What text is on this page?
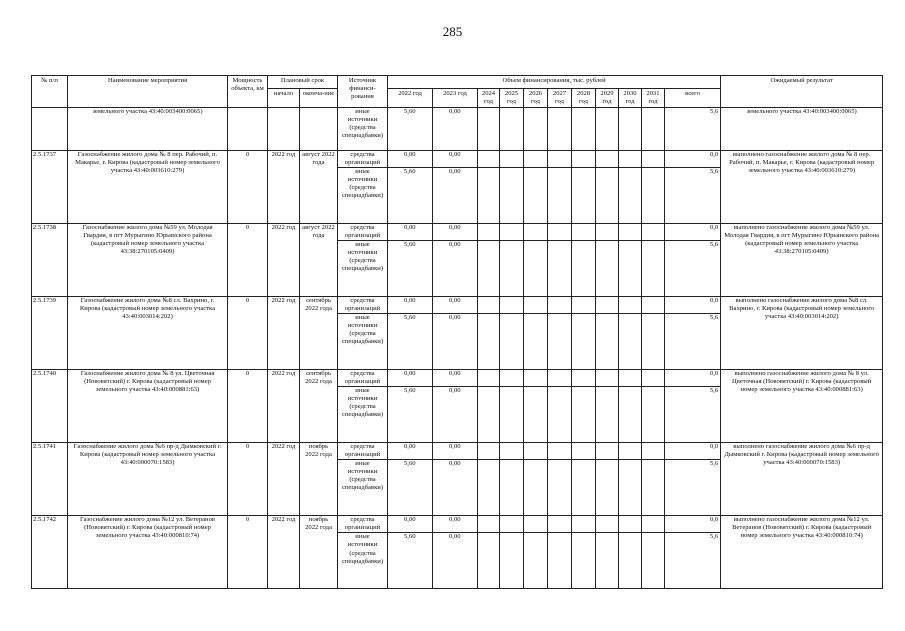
285
№ п/п	Наименование мероприятия	Мощность объекта, км	Плановый срок		Источник финанси-рования	Объем финансирования, тыс. рублей											Ожидаемый результат
			начало	оконча-ние		2022 год	2023 год	2024 год	2025 год	2026 год	2027 год	2028 год	2029 год	2030 год	2031 год	всего	
	земельного участка 43:40:003400:0065)				иные источники (средства спецнадбавки)	5,60	0,00									5,6	земельного участка 43:40:003400:0065)
2.5.1737	Газоснабжение жилого дома № 8 пер. Рабочий, п. Макарье, г. Кирова (кадастровый номер земельного участка 43:40:003610:279)	0	2022 год	август 2022 года	средства организаций	0,00	0,00									0,0	выполнено газоснабжение жилого дома № 8 пер. Рабочий, п. Макарье, г. Кирова (кадастровый номер земельного участка 43:40:003610:279)
					иные источники (средства спецнадбавки)	5,60	0,00									5,6	
2.5.1738	Газоснабжение жилого дома №59 ул. Молодая Гвардия, в пгт Мурыгино Юрьянского района (кадастровый номер земельного участка 43:38:270105:0409)	0	2022 год	август 2022 года	средства организаций	0,00	0,00									0,0	выполнено газоснабжение жилого дома №59 ул. Молодая Гвардия, в пгт Мурыгино Юрьянского района (кадастровый номер земельного участка 43:38:270105:0409)
					иные источники (средства спецнадбавки)	5,60	0,00									5,6	
2.5.1739	Газоснабжение жилого дома №8 сл. Вахрино, г. Кирова (кадастровый номер земельного участка 43:40:003014:202)	0	2022 год	сентябрь 2022 года	средства организаций	0,00	0,00									0,0	выполнено газоснабжение жилого дома №8 сл. Вахрино, г. Кирова (кадастровый номер земельного участка 43:40:003014:202)
					иные источники (средства спецнадбавки)	5,60	0,00									5,6	
2.5.1740	Газоснабжение жилого дома № 8 ул. Цветочная (Нововятский) г. Кирова (кадастровый номер земельного участка 43:40:000881:63)	0	2022 год	сентябрь 2022 года	средства организаций	0,00	0,00									0,0	выполнено газоснабжение жилого дома № 8 ул. Цветочная (Нововятский) г. Кирова (кадастровый номер земельного участка 43:40:000881:63)
					иные источники (средства спецнадбавки)	5,60	0,00									5,6	
2.5.1741	Газоснабжение жилого дома №6 пр-д Дымковский г. Кирова (кадастровый номер земельного участка 43:40:000070:1583)	0	2022 год	ноябрь 2022 года	средства организаций	0,00	0,00									0,0	выполнено газоснабжение жилого дома №6 пр-д Дымковский г. Кирова (кадастровый номер земельного участка 43:40:000070:1583)
					иные источники (средства спецнадбавки)	5,60	0,00									5,6	
2.5.1742	Газоснабжение жилого дома №12 ул. Ветеранов (Нововятский) г. Кирова (кадастровый номер земельного участка 43:40:000810:74)	0	2022 год	ноябрь 2022 года	средства организаций	0,00	0,00									0,0	выполнено газоснабжение жилого дома №12 ул. Ветеранов (Нововятский) г. Кирова (кадастровый номер земельного участка 43:40:000810:74)
					иные источники (средства спецнадбавки)	5,60	0,00									5,6	
